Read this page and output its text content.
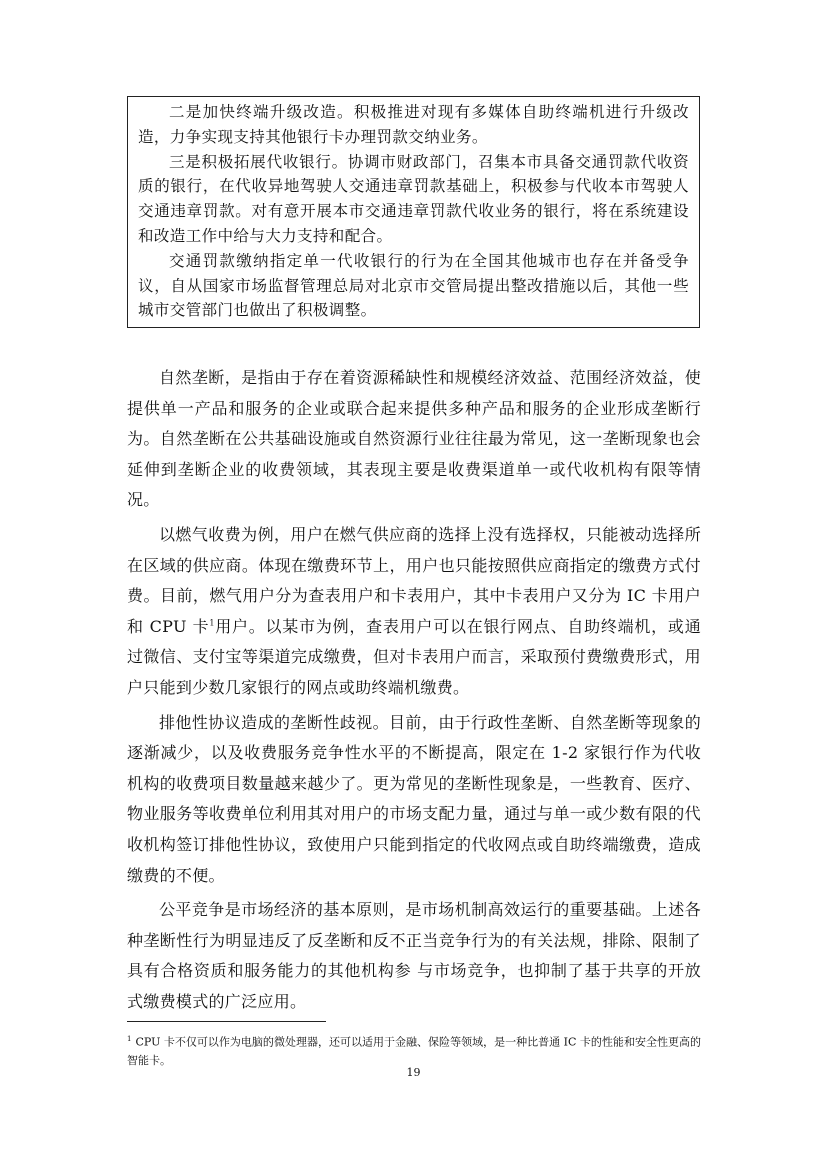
二是加快终端升级改造。积极推进对现有多媒体自助终端机进行升级改造，力争实现支持其他银行卡办理罚款交纳业务。

三是积极拓展代收银行。协调市财政部门，召集本市具备交通罚款代收资质的银行，在代收异地驾驶人交通违章罚款基础上，积极参与代收本市驾驶人交通违章罚款。对有意开展本市交通违章罚款代收业务的银行，将在系统建设和改造工作中给与大力支持和配合。

交通罚款缴纳指定单一代收银行的行为在全国其他城市也存在并备受争议，自从国家市场监督管理总局对北京市交管局提出整改措施以后，其他一些城市交管部门也做出了积极调整。

自然垄断，是指由于存在着资源稀缺性和规模经济效益、范围经济效益，使提供单一产品和服务的企业或联合起来提供多种产品和服务的企业形成垄断行为。自然垄断在公共基础设施或自然资源行业往往最为常见，这一垄断现象也会延伸到垄断企业的收费领域，其表现主要是收费渠道单一或代收机构有限等情况。

以燃气收费为例，用户在燃气供应商的选择上没有选择权，只能被动选择所在区域的供应商。体现在缴费环节上，用户也只能按照供应商指定的缴费方式付费。目前，燃气用户分为查表用户和卡表用户，其中卡表用户又分为 IC 卡用户和 CPU 卡$^1$用户。以某市为例，查表用户可以在银行网点、自助终端机，或通过微信、支付宝等渠道完成缴费，但对卡表用户而言，采取预付费缴费形式，用户只能到少数几家银行的网点或助终端机缴费。

排他性协议造成的垄断性歧视。目前，由于行政性垄断、自然垄断等现象的逐渐减少，以及收费服务竞争性水平的不断提高，限定在 1-2 家银行作为代收机构的收费项目数量越来越少了。更为常见的垄断性现象是，一些教育、医疗、物业服务等收费单位利用其对用户的市场支配力量，通过与单一或少数有限的代收机构签订排他性协议，致使用户只能到指定的代收网点或自助终端缴费，造成缴费的不便。

公平竞争是市场经济的基本原则，是市场机制高效运行的重要基础。上述各种垄断性行为明显违反了反垄断和反不正当竞争行为的有关法规，排除、限制了具有合格资质和服务能力的其他机构参 与市场竞争，也抑制了基于共享的开放式缴费模式的广泛应用。

$^1$ CPU 卡不仅可以作为电脑的微处理器，还可以适用于金融、保险等领域，是一种比普通 IC 卡的性能和安全性更高的智能卡。
19
